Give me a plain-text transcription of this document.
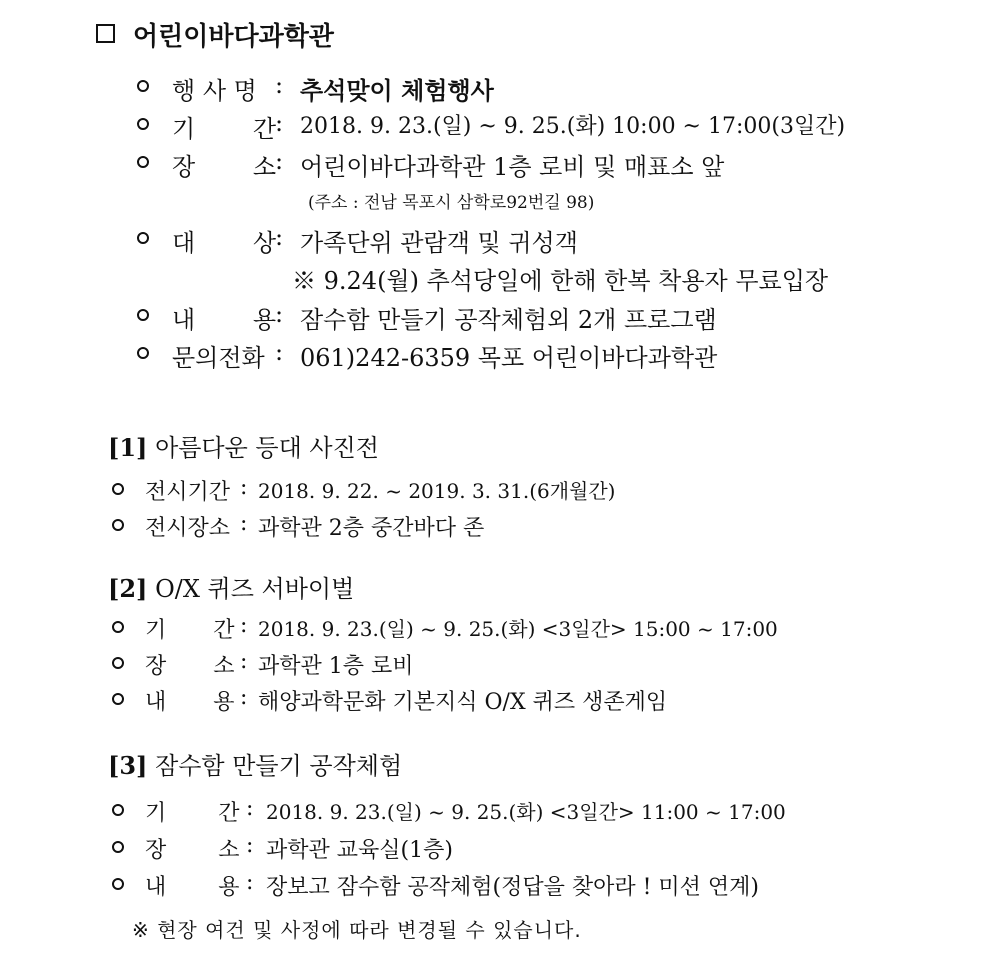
어린이바다과학관
행 사 명 : 추석맞이 체험행사
기 간 : 2018. 9. 23.(일) ~ 9. 25.(화) 10:00 ~ 17:00(3일간)
장 소 : 어린이바다과학관 1층 로비 및 매표소 앞
(주소 : 전남 목포시 삼학로92번길 98)
대 상 : 가족단위 관람객 및 귀성객
※ 9.24(월) 추석당일에 한해 한복 착용자 무료입장
내 용 : 잠수함 만들기 공작체험외 2개 프로그램
문의전화 : 061)242-6359 목포 어린이바다과학관
[1] 아름다운 등대 사진전
전시기간 : 2018. 9. 22. ~ 2019. 3. 31.(6개월간)
전시장소 : 과학관 2층 중간바다 존
[2] O/X 퀴즈 서바이벌
기 간 : 2018. 9. 23.(일) ~ 9. 25.(화) <3일간> 15:00 ~ 17:00
장 소 : 과학관 1층 로비
내 용 : 해양과학문화 기본지식 O/X 퀴즈 생존게임
[3] 잠수함 만들기 공작체험
기 간 : 2018. 9. 23.(일) ~ 9. 25.(화) <3일간> 11:00 ~ 17:00
장 소 : 과학관 교육실(1층)
내 용 : 장보고 잠수함 공작체험(정답을 찾아라 ! 미션 연계)
※ 현장 여건 및 사정에 따라 변경될 수 있습니다.
